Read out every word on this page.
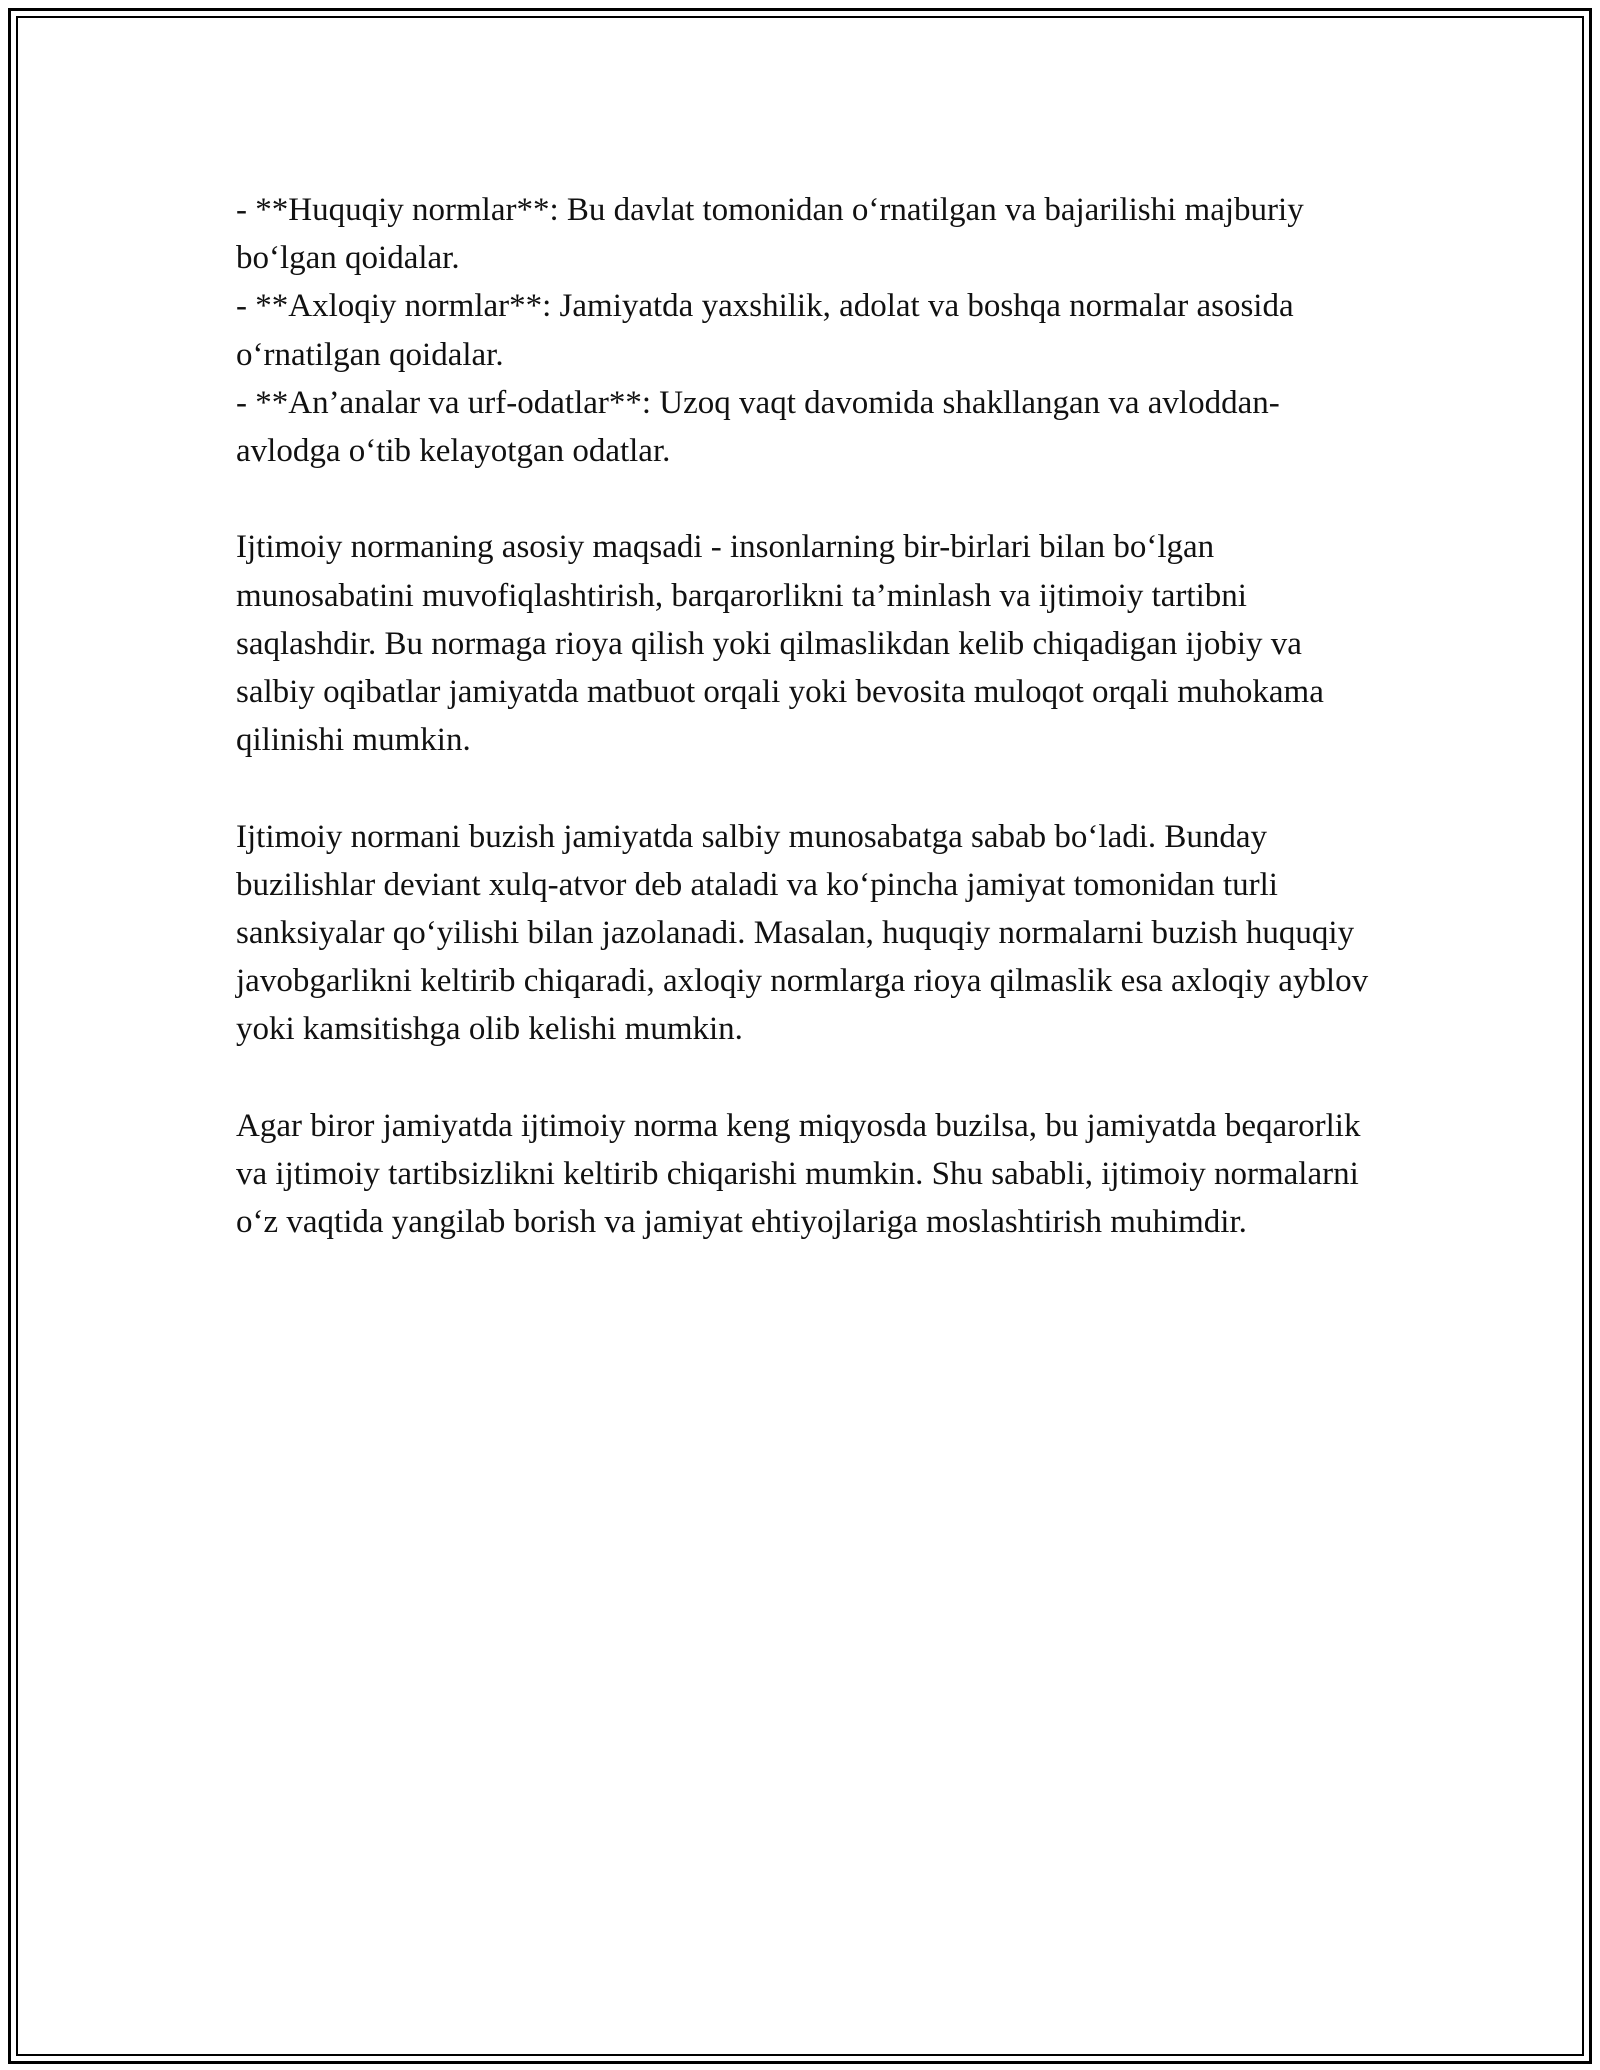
- **Huquqiy normlar**: Bu davlat tomonidan o‘rnatilgan va bajarilishi majburiy bo‘lgan qoidalar.

- **Axloqiy normlar**: Jamiyatda yaxshilik, adolat va boshqa normalar asosida o‘rnatilgan qoidalar.

- **An’analar va urf-odatlar**: Uzoq vaqt davomida shakllangan va avloddan-avlodga o‘tib kelayotgan odatlar.

Ijtimoiy normaning asosiy maqsadi - insonlarning bir-birlari bilan bo‘lgan munosabatini muvofiqlashtirish, barqarorlikni ta’minlash va ijtimoiy tartibni saqlashdir. Bu normaga rioya qilish yoki qilmaslikdan kelib chiqadigan ijobiy va salbiy oqibatlar jamiyatda matbuot orqali yoki bevosita muloqot orqali muhokama qilinishi mumkin.

Ijtimoiy normani buzish jamiyatda salbiy munosabatga sabab bo‘ladi. Bunday buzilishlar deviant xulq-atvor deb ataladi va ko‘pincha jamiyat tomonidan turli sanksiyalar qo‘yilishi bilan jazolanadi. Masalan, huquqiy normalarni buzish huquqiy javobgarlikni keltirib chiqaradi, axloqiy normlarga rioya qilmaslik esa axloqiy ayblov yoki kamsitishga olib kelishi mumkin.

Agar biror jamiyatda ijtimoiy norma keng miqyosda buzilsa, bu jamiyatda beqarorlik va ijtimoiy tartibsizlikni keltirib chiqarishi mumkin. Shu sababli, ijtimoiy normalarni o‘z vaqtida yangilab borish va jamiyat ehtiyojlariga moslashtirish muhimdir.
